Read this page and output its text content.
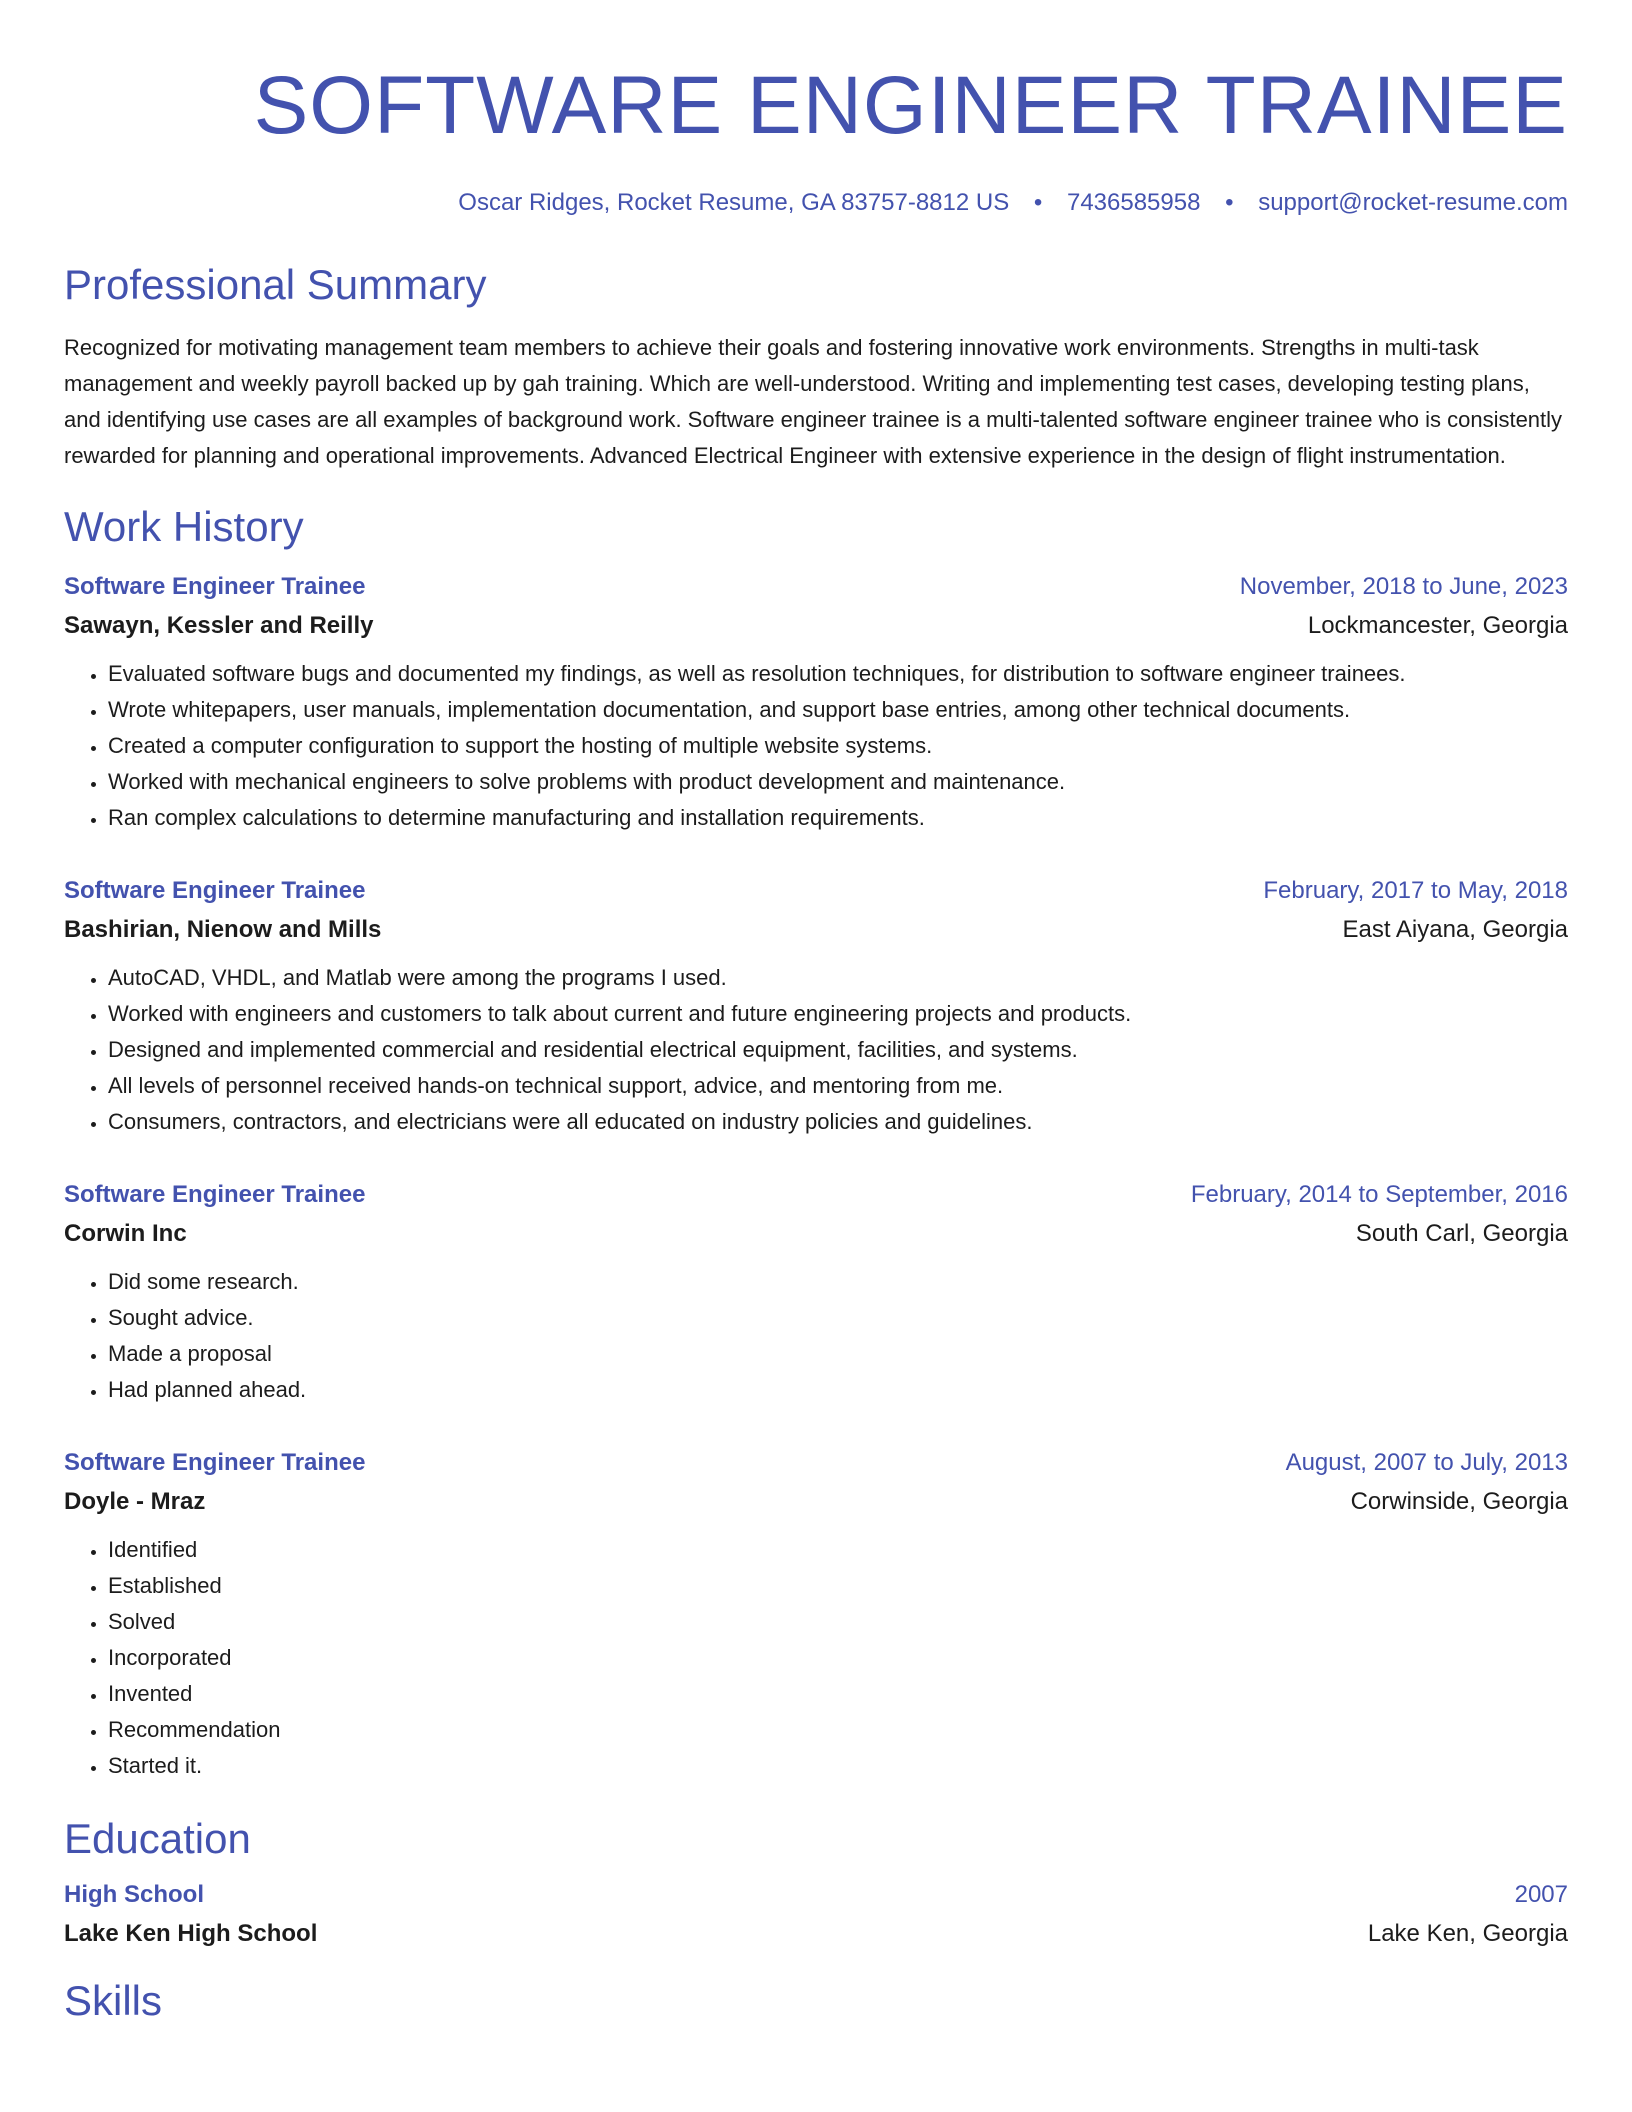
SOFTWARE ENGINEER TRAINEE
Oscar Ridges, Rocket Resume, GA 83757-8812 US • 7436585958 • support@rocket-resume.com
Professional Summary
Recognized for motivating management team members to achieve their goals and fostering innovative work environments. Strengths in multi-task management and weekly payroll backed up by gah training. Which are well-understood. Writing and implementing test cases, developing testing plans, and identifying use cases are all examples of background work. Software engineer trainee is a multi-talented software engineer trainee who is consistently rewarded for planning and operational improvements. Advanced Electrical Engineer with extensive experience in the design of flight instrumentation.
Work History
Software Engineer Trainee	November, 2018 to June, 2023
Sawayn, Kessler and Reilly	Lockmancester, Georgia
• Evaluated software bugs and documented my findings, as well as resolution techniques, for distribution to software engineer trainees.
• Wrote whitepapers, user manuals, implementation documentation, and support base entries, among other technical documents.
• Created a computer configuration to support the hosting of multiple website systems.
• Worked with mechanical engineers to solve problems with product development and maintenance.
• Ran complex calculations to determine manufacturing and installation requirements.
Software Engineer Trainee	February, 2017 to May, 2018
Bashirian, Nienow and Mills	East Aiyana, Georgia
• AutoCAD, VHDL, and Matlab were among the programs I used.
• Worked with engineers and customers to talk about current and future engineering projects and products.
• Designed and implemented commercial and residential electrical equipment, facilities, and systems.
• All levels of personnel received hands-on technical support, advice, and mentoring from me.
• Consumers, contractors, and electricians were all educated on industry policies and guidelines.
Software Engineer Trainee	February, 2014 to September, 2016
Corwin Inc	South Carl, Georgia
• Did some research.
• Sought advice.
• Made a proposal
• Had planned ahead.
Software Engineer Trainee	August, 2007 to July, 2013
Doyle - Mraz	Corwinside, Georgia
• Identified
• Established
• Solved
• Incorporated
• Invented
• Recommendation
• Started it.
Education
High School	2007
Lake Ken High School	Lake Ken, Georgia
Skills
